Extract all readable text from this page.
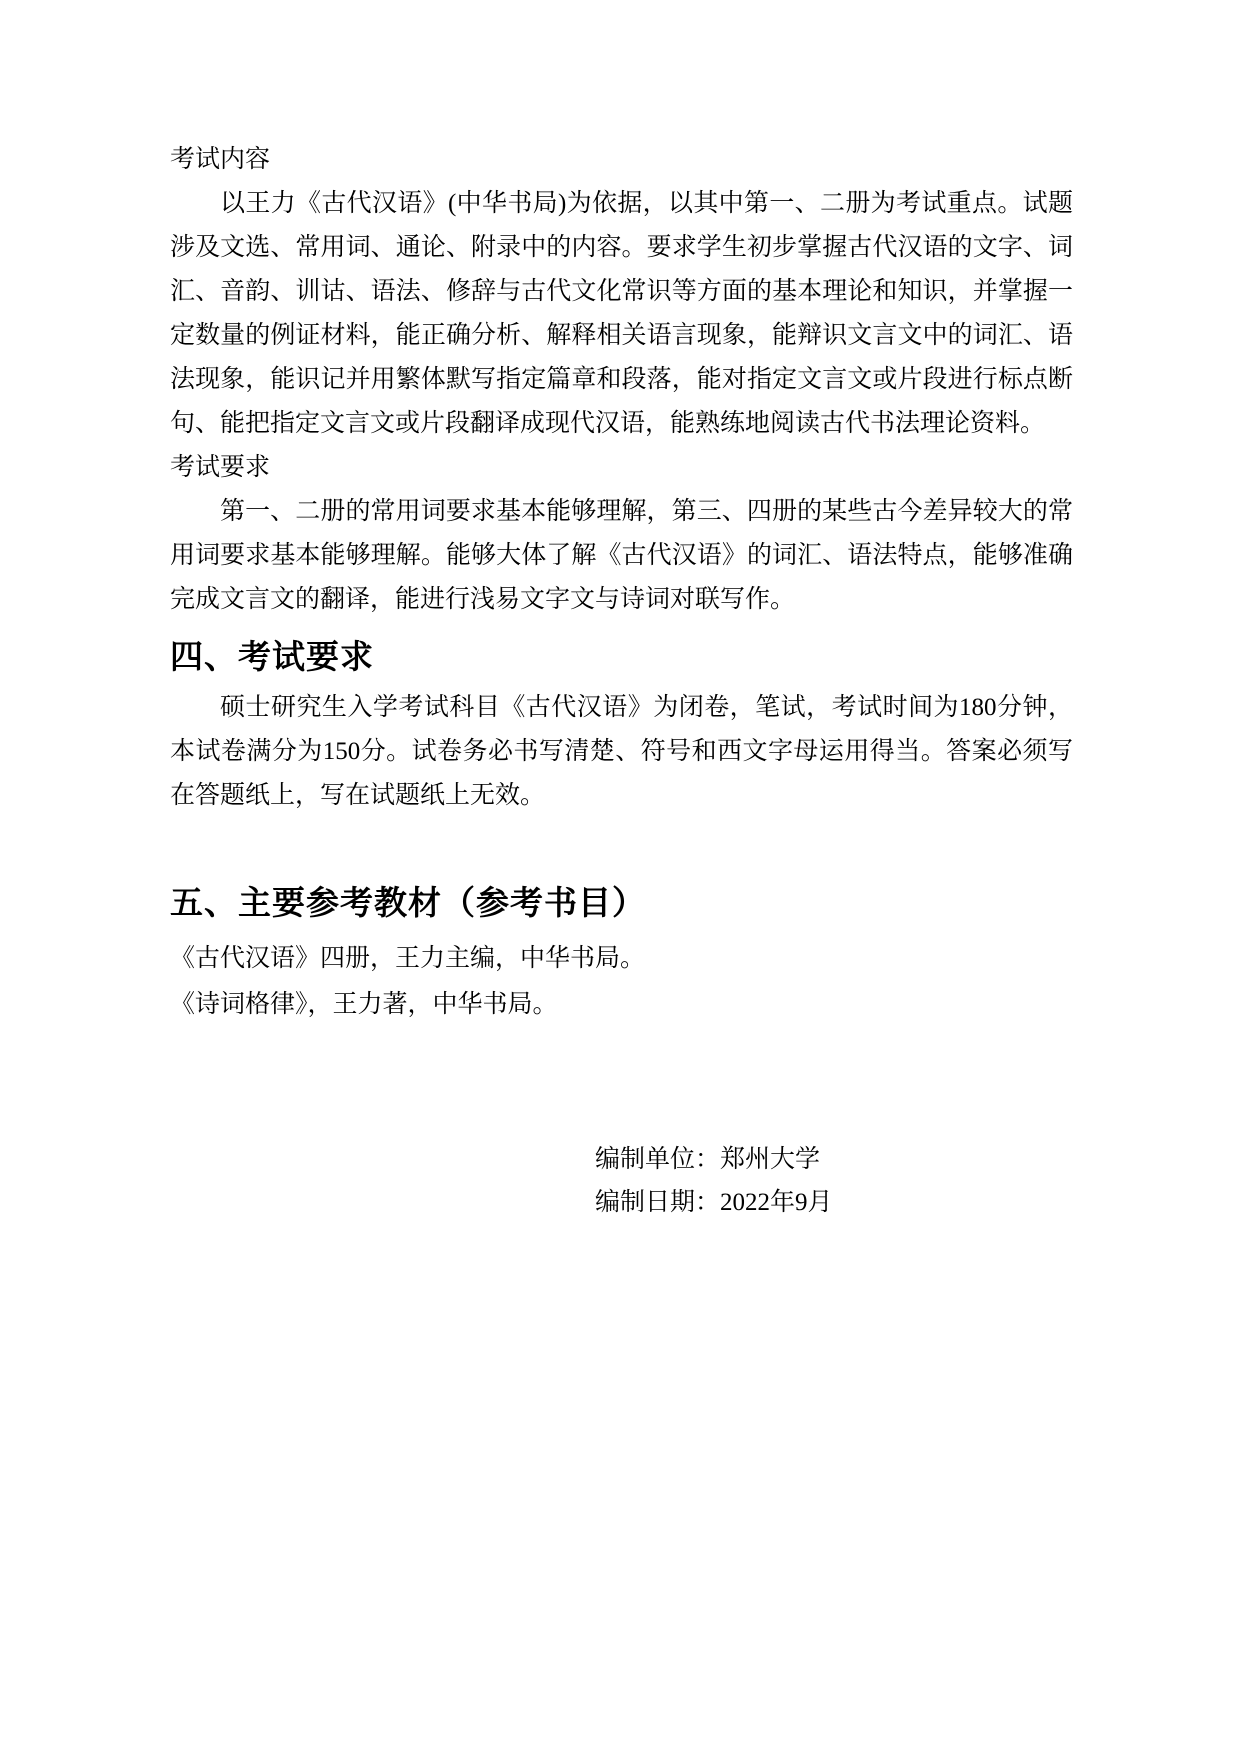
考试内容

以王力《古代汉语》(中华书局)为依据，以其中第一、二册为考试重点。试题涉及文选、常用词、通论、附录中的内容。要求学生初步掌握古代汉语的文字、词汇、音韵、训诂、语法、修辞与古代文化常识等方面的基本理论和知识，并掌握一定数量的例证材料，能正确分析、解释相关语言现象，能辩识文言文中的词汇、语法现象，能识记并用繁体默写指定篇章和段落，能对指定文言文或片段进行标点断句、能把指定文言文或片段翻译成现代汉语，能熟练地阅读古代书法理论资料。

考试要求

第一、二册的常用词要求基本能够理解，第三、四册的某些古今差异较大的常用词要求基本能够理解。能够大体了解《古代汉语》的词汇、语法特点，能够准确完成文言文的翻译，能进行浅易文字文与诗词对联写作。

四、考试要求

硕士研究生入学考试科目《古代汉语》为闭卷，笔试，考试时间为180分钟，本试卷满分为150分。试卷务必书写清楚、符号和西文字母运用得当。答案必须写在答题纸上，写在试题纸上无效。

五、主要参考教材（参考书目）

《古代汉语》四册，王力主编，中华书局。

《诗词格律》，王力著，中华书局。

编制单位：郑州大学

编制日期：2022年9月
